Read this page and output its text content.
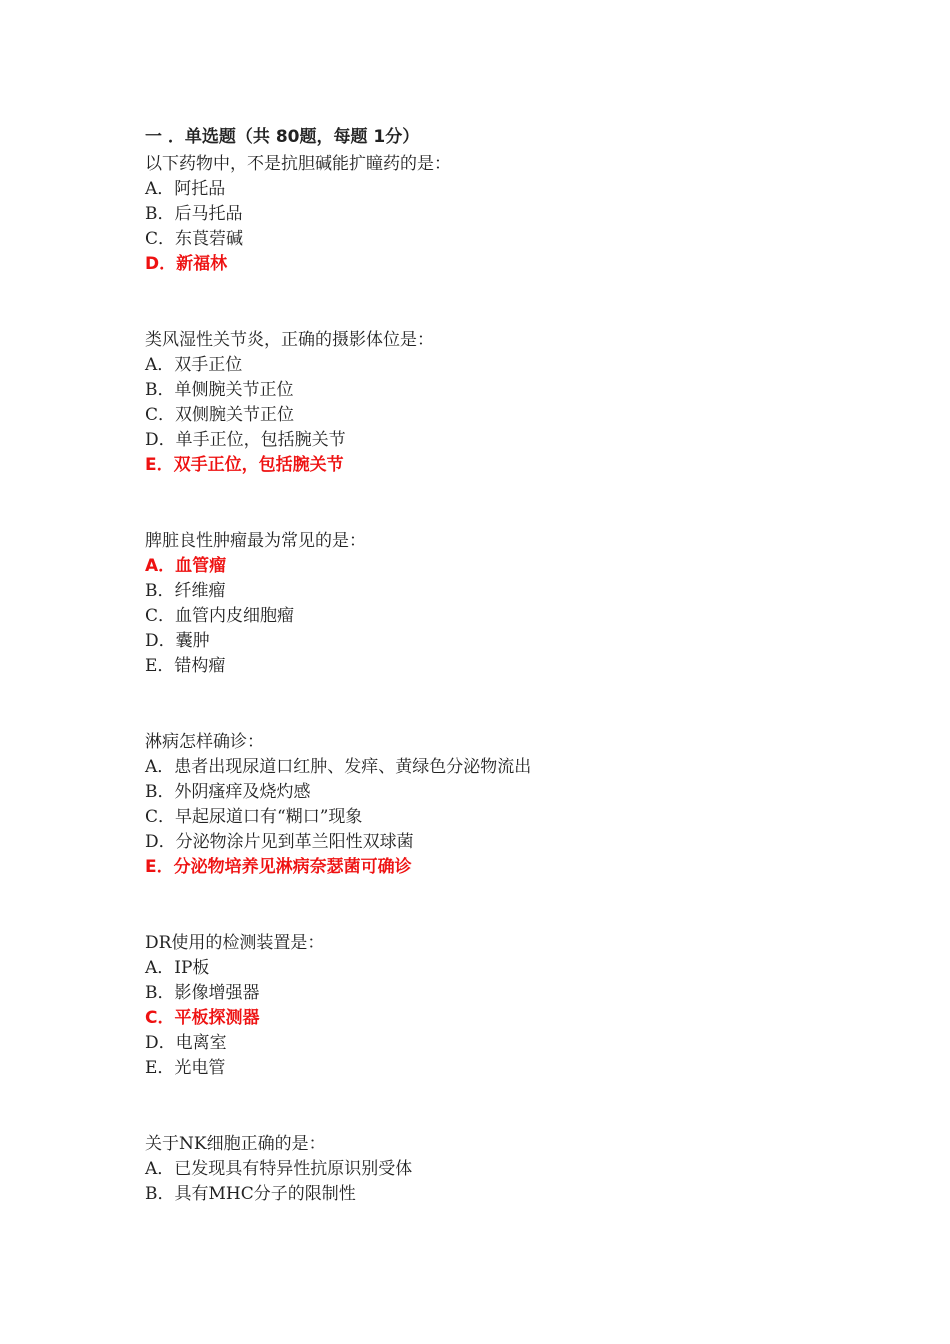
一 ．单选题（共 80题，每题 1分）
以下药物中，不是抗胆碱能扩瞳药的是：
A．阿托品
B．后马托品
C．东莨菪碱
D．新福林
类风湿性关节炎，正确的摄影体位是：
A．双手正位
B．单侧腕关节正位
C．双侧腕关节正位
D．单手正位，包括腕关节
E．双手正位，包括腕关节
脾脏良性肿瘤最为常见的是：
A．血管瘤
B．纤维瘤
C．血管内皮细胞瘤
D．囊肿
E．错构瘤
淋病怎样确诊：
A．患者出现尿道口红肿、发痒、黄绿色分泌物流出
B．外阴瘙痒及烧灼感
C．早起尿道口有“糊口”现象
D．分泌物涂片见到革兰阳性双球菌
E．分泌物培养见淋病奈瑟菌可确诊
DR使用的检测装置是：
A．IP板
B．影像增强器
C．平板探测器
D．电离室
E．光电管
关于NK细胞正确的是：
A．已发现具有特异性抗原识别受体
B．具有MHC分子的限制性
